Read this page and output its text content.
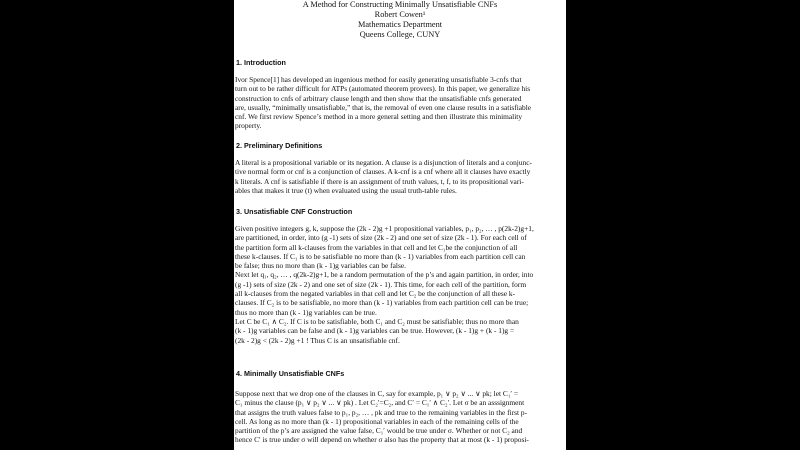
A Method for Constructing Minimally Unsatisfiable CNFs
Robert Cowen¹
Mathematics Department
Queens College, CUNY
1. Introduction
Ivor Spence[1] has developed an ingenious method for easily generating unsatisfiable 3-cnfs that
turn out to be rather difficult for ATPs (automated theorem provers). In this paper, we generalize his
construction to cnfs of arbitrary clause length and then show that the unsatisfiable cnfs generated
are, usually, “minimally unsatisfiable,” that is, the removal of even one clause results in a satisfiable
cnf. We first review Spence’s method in a more general setting and then illustrate this minimality
property.
2. Preliminary Definitions
A literal is a propositional variable or its negation. A clause is a disjunction of literals and a conjunc-
tive normal form or cnf is a conjunction of clauses. A k-cnf is a cnf where all it clauses have exactly
k literals. A cnf is satisfiable if there is an assignment of truth values, t, f, to its propositional vari-
ables that makes it true (t) when evaluated using the usual truth-table rules.
3. Unsatisfiable CNF Construction
Given positive integers g, k, suppose the (2k - 2)g +1 propositional variables, p₁, p₂, … , p(2k-2)g+1,
are partitioned, in order, into (g -1) sets of size (2k - 2) and one set of size (2k - 1). For each cell of
the partition form all k-clauses from the variables in that cell and let C₁be the conjunction of all
these k-clauses. If C₁ is to be satisfiable no more than (k - 1) variables from each partition cell can
be false; thus no more than (k - 1)g variables can be false.
Next let q₁, q₂, … , q(2k-2)g+1, be a random permutation of the p’s and again partition, in order, into
(g -1) sets of size (2k - 2) and one set of size (2k - 1). This time, for each cell of the partition, form
all k-clauses from the negated variables in that cell and let C₂ be the conjunction of all these k-
clauses. If C₂ is to be satisfiable, no more than (k - 1) variables from each partition cell can be true;
thus no more than (k - 1)g variables can be true.
Let C be C₁ ∧ C₂. If C is to be satisfiable, both C₁ and C₂ must be satisfiable; thus no more than
(k - 1)g variables can be false and (k - 1)g variables can be true. However, (k - 1)g + (k - 1)g =
(2k - 2)g < (2k - 2)g +1 ! Thus C is an unsatisfiable cnf.
4. Minimally Unsatisfiable CNFs
Suppose next that we drop one of the clauses in C, say for example, p₁ ∨ p₂ ∨ ... ∨ pk; let C₁′ =
C₁ minus the clause (p₁ ∨ p₂ ∨ ... ∨ pk) . Let C₂′=C₂, and C′ = C₁′ ∧ C₂′. Let σ be an asssignment
that assigns the truth values false to p₁, p₂, … , pk and true to the remaining variables in the first p-
cell. As long as no more than (k - 1) propositional variables in each of the remaining cells of the
partition of the p’s are assigned the value false, C₁′ would be true under σ. Whether or not C₂ and
hence C′ is true under σ will depend on whether σ also has the property that at most (k - 1) proposi-
